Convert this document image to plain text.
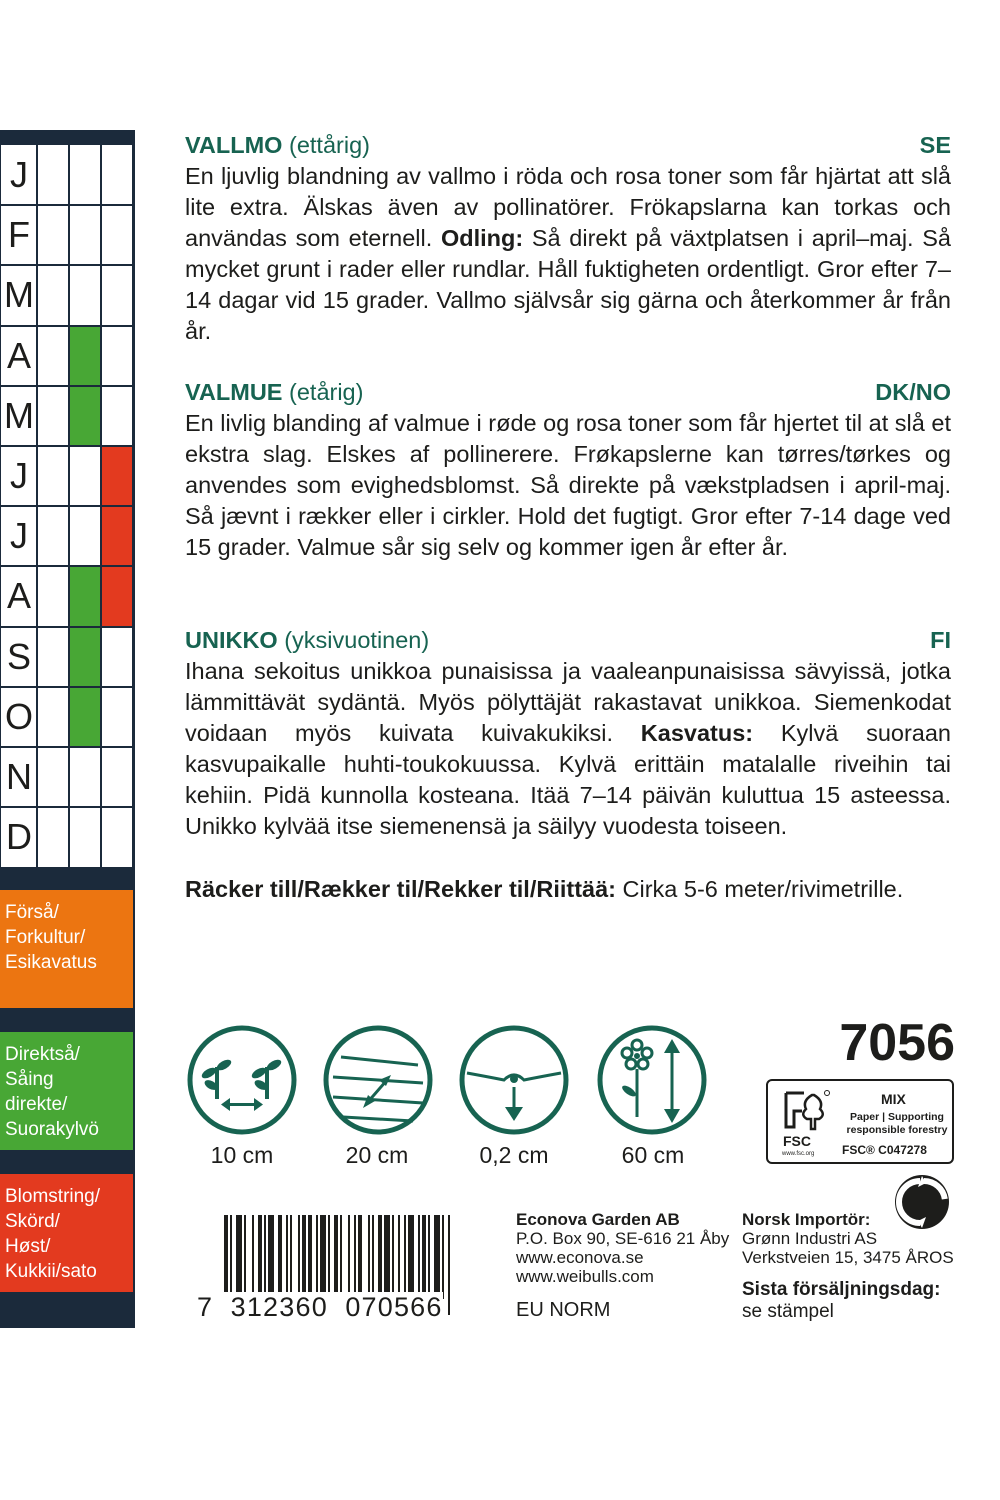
J
F
M
A
M
J
J
A
S
O
N
D
Förså/
Forkultur/
Esikavatus
Direktså/
Såing
direkte/
Suorakylvö
Blomstring/
Skörd/
Høst/
Kukkii/sato
VALLMO (ettårig)	SE
En ljuvlig blandning av vallmo i röda och rosa toner som får hjärtat att slå lite extra. Älskas även av pollinatörer. Frökapslarna kan torkas och användas som eternell. Odling: Så direkt på växtplatsen i april–maj. Så mycket grunt i rader eller rundlar. Håll fuktigheten ordentligt. Gror efter 7–14 dagar vid 15 grader. Vallmo självsår sig gärna och återkommer år från år.
VALMUE (etårig)	DK/NO
En livlig blanding af valmue i røde og rosa toner som får hjertet til at slå et ekstra slag. Elskes af pollinerere. Frøkapslerne kan tørres/tørkes og anvendes som evighedsblomst. Så direkte på vækstpladsen i april-maj. Så jævnt i rækker eller i cirkler. Hold det fugtigt. Gror efter 7-14 dage ved 15 grader. Valmue sår sig selv og kommer igen år efter år.
UNIKKO (yksivuotinen)	FI
Ihana sekoitus unikkoa punaisissa ja vaaleanpunaisissa sävyissä, jotka lämmittävät sydäntä. Myös pölyttäjät rakastavat unikkoa. Siemenkodat voidaan myös kuivata kuivakukiksi. Kasvatus: Kylvä suoraan kasvupaikalle huhti-toukokuussa. Kylvä erittäin matalalle riveihin tai kehiin. Pidä kunnolla kosteana. Itää 7–14 päivän kuluttua 15 asteessa. Unikko kylvää itse siemenensä ja säilyy vuodesta toiseen.
Räcker till/Rækker til/Rekker til/Riittää: Cirka 5-6 meter/rivimetrille.
10 cm	20 cm	0,2 cm	60 cm
7056
FSC
www.fsc.org
MIX
Paper | Supporting
responsible forestry
FSC® C047278
7  312360  070566
Econova Garden AB
P.O. Box 90, SE-616 21 Åby
www.econova.se
www.weibulls.com
Norsk Importör:
Grønn Industri AS
Verkstveien 15, 3475 ÅROS
EU NORM
Sista försäljningsdag:
se stämpel
